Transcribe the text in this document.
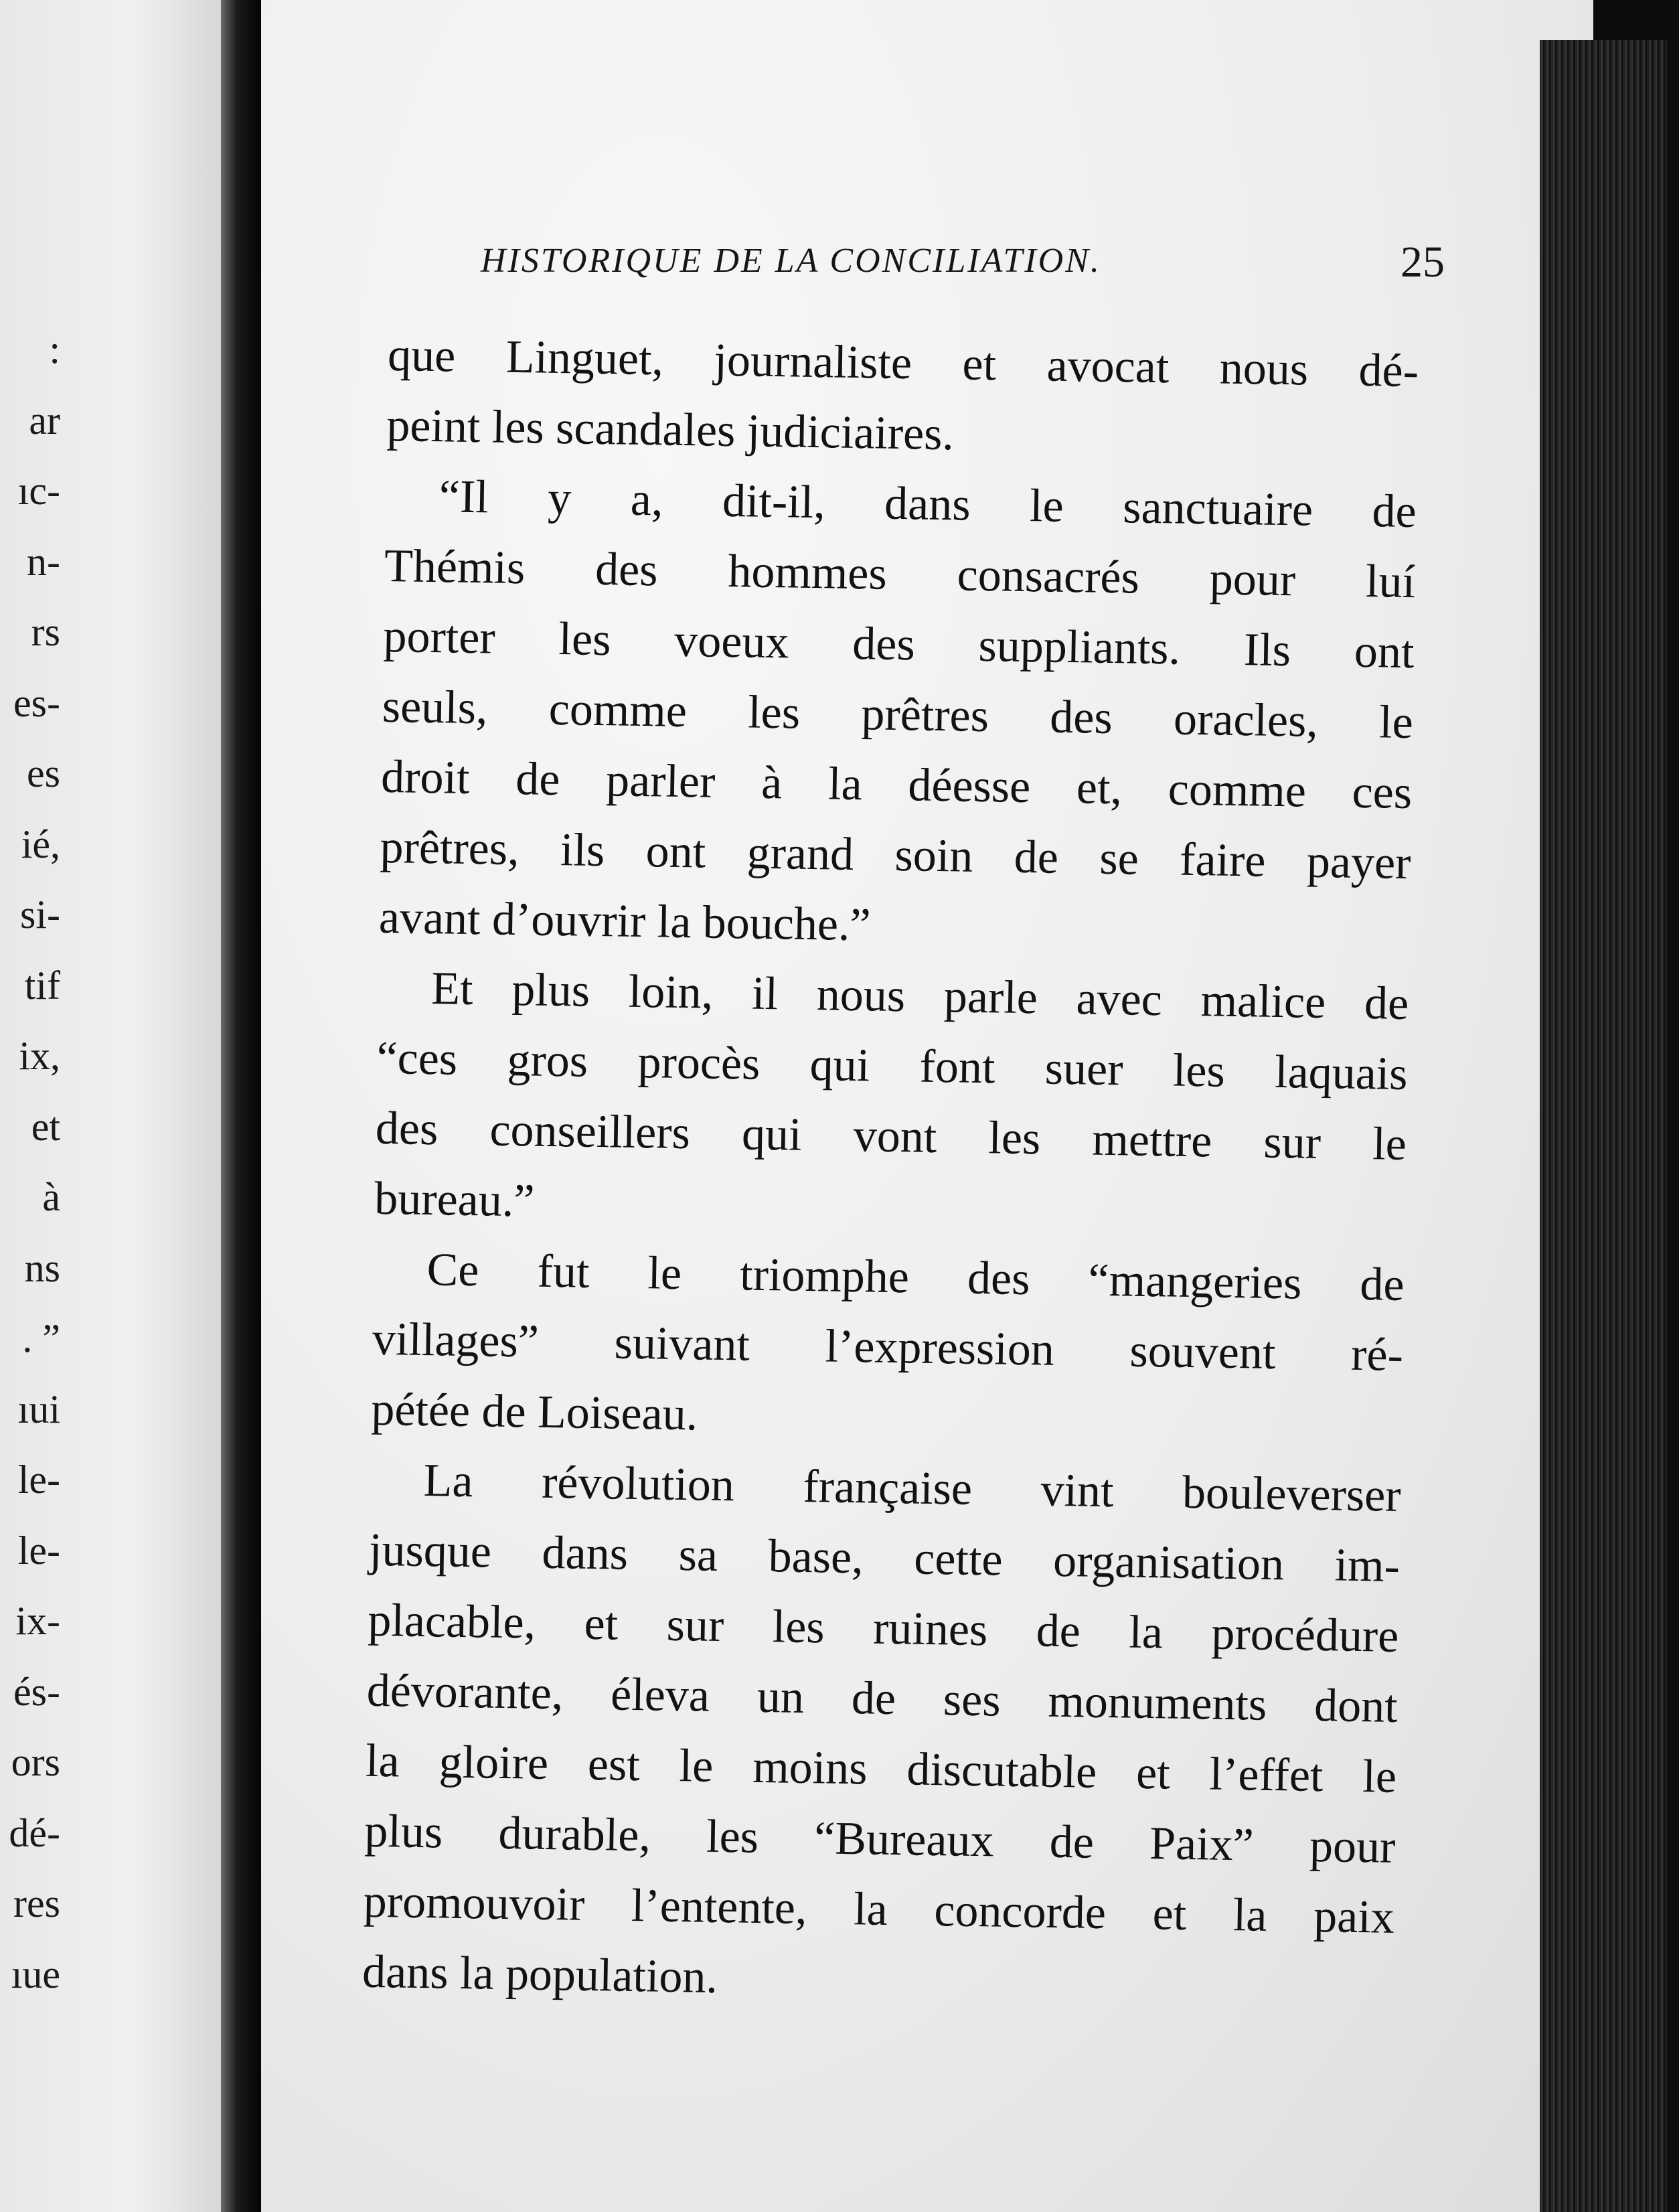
:
ar
ıc-
n-
rs
es-
es
ié,
si-
tif
ix,
et
à
ns
. ”
ıui
le-
le-
ix-
és-
ors
dé-
res
ıue
HISTORIQUE DE LA CONCILIATION.	25
que Linguet, journaliste et avocat nous dé-
peint les scandales judiciaires.
“Il y a, dit-il, dans le sanctuaire de
Thémis des hommes consacrés pour luí
porter les voeux des suppliants. Ils ont
seuls, comme les prêtres des oracles, le
droit de parler à la déesse et, comme ces
prêtres, ils ont grand soin de se faire payer
avant d’ouvrir la bouche.”
Et plus loin, il nous parle avec malice de
“ces gros procès qui font suer les laquais
des conseillers qui vont les mettre sur le
bureau.”
Ce fut le triomphe des “mangeries de
villages” suivant l’expression souvent ré-
pétée de Loiseau.
La révolution française vint bouleverser
jusque dans sa base, cette organisation im-
placable, et sur les ruines de la procédure
dévorante, éleva un de ses monuments dont
la gloire est le moins discutable et l’effet le
plus durable, les “Bureaux de Paix” pour
promouvoir l’entente, la concorde et la paix
dans la population.
